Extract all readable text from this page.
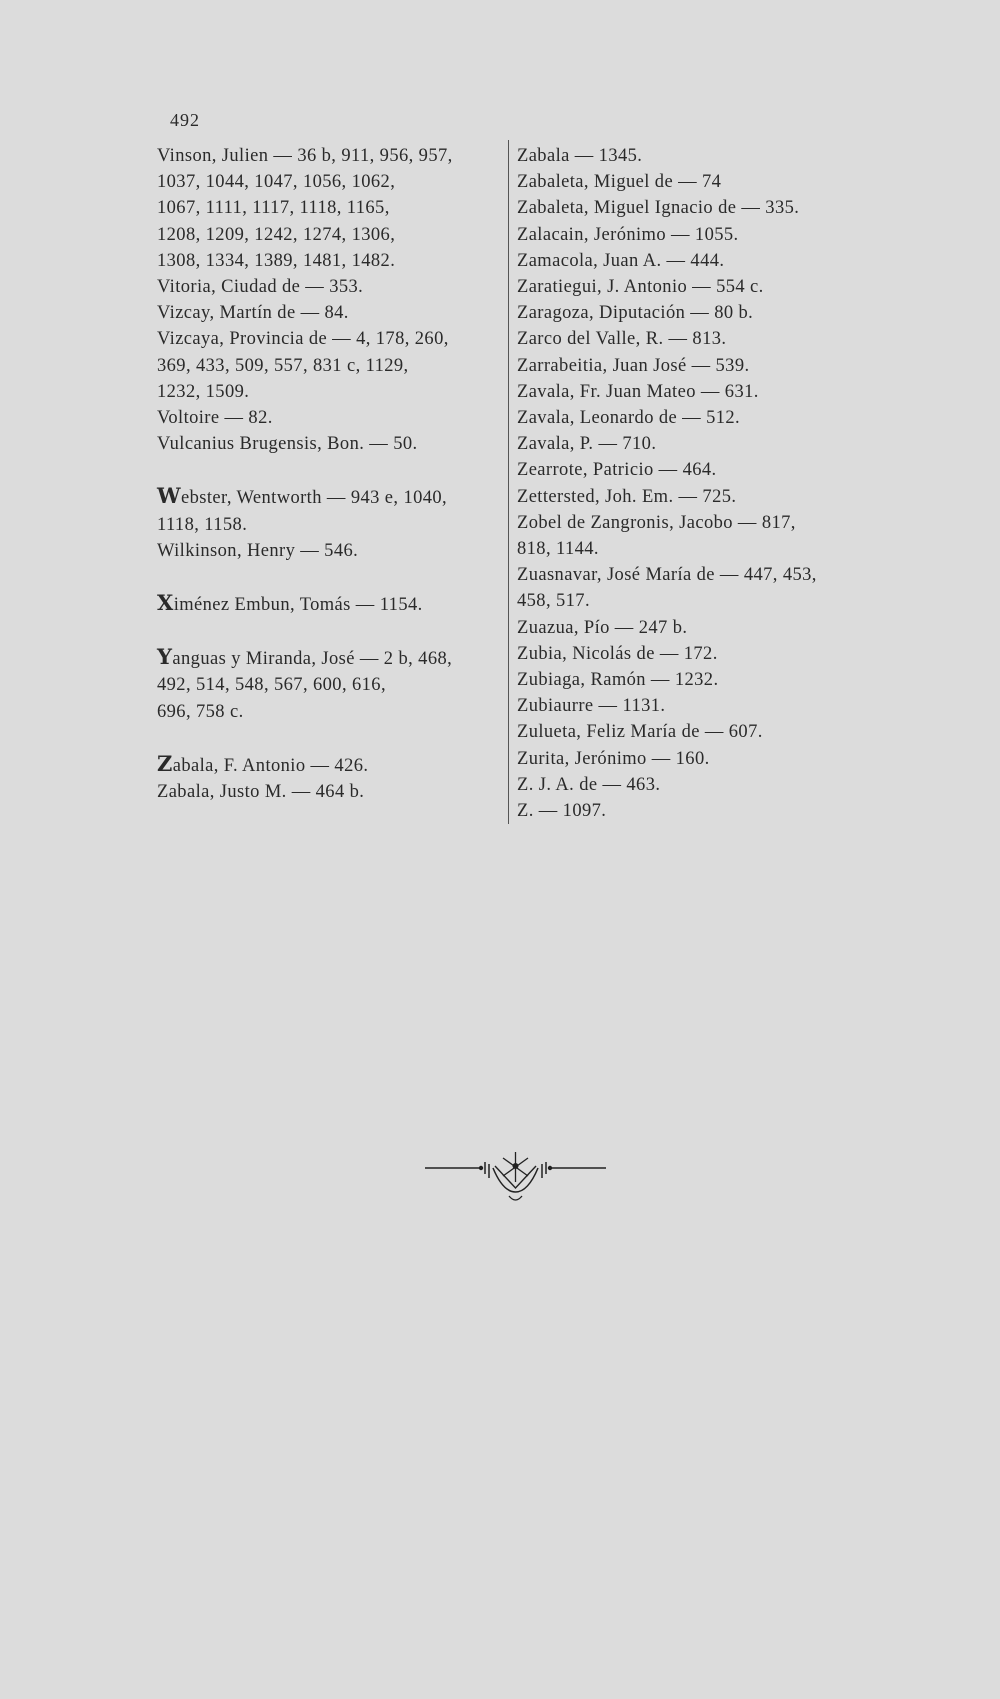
492
Vinson, Julien — 36 b, 911, 956, 957,
1037, 1044, 1047, 1056, 1062,
1067, 1111, 1117, 1118, 1165,
1208, 1209, 1242, 1274, 1306,
1308, 1334, 1389, 1481, 1482.
Vitoria, Ciudad de — 353.
Vizcay, Martín de — 84.
Vizcaya, Provincia de — 4, 178, 260,
369, 433, 509, 557, 831 c, 1129,
1232, 1509.
Voltoire — 82.
Vulcanius Brugensis, Bon. — 50.
Webster, Wentworth — 943 e, 1040,
1118, 1158.
Wilkinson, Henry — 546.
Ximénez Embun, Tomás — 1154.
Yanguas y Miranda, José — 2 b, 468,
492, 514, 548, 567, 600, 616,
696, 758 c.
Zabala, F. Antonio — 426.
Zabala, Justo M. — 464 b.
Zabala — 1345.
Zabaleta, Miguel de — 74
Zabaleta, Miguel Ignacio de — 335.
Zalacain, Jerónimo — 1055.
Zamacola, Juan A. — 444.
Zaratiegui, J. Antonio — 554 c.
Zaragoza, Diputación — 80 b.
Zarco del Valle, R. — 813.
Zarrabeitia, Juan José — 539.
Zavala, Fr. Juan Mateo — 631.
Zavala, Leonardo de — 512.
Zavala, P. — 710.
Zearrote, Patricio — 464.
Zettersted, Joh. Em. — 725.
Zobel de Zangronis, Jacobo — 817,
818, 1144.
Zuasnavar, José María de — 447, 453,
458, 517.
Zuazua, Pío — 247 b.
Zubia, Nicolás de — 172.
Zubiaga, Ramón — 1232.
Zubiaurre — 1131.
Zulueta, Feliz María de — 607.
Zurita, Jerónimo — 160.
Z. J. A. de — 463.
Z. — 1097.
